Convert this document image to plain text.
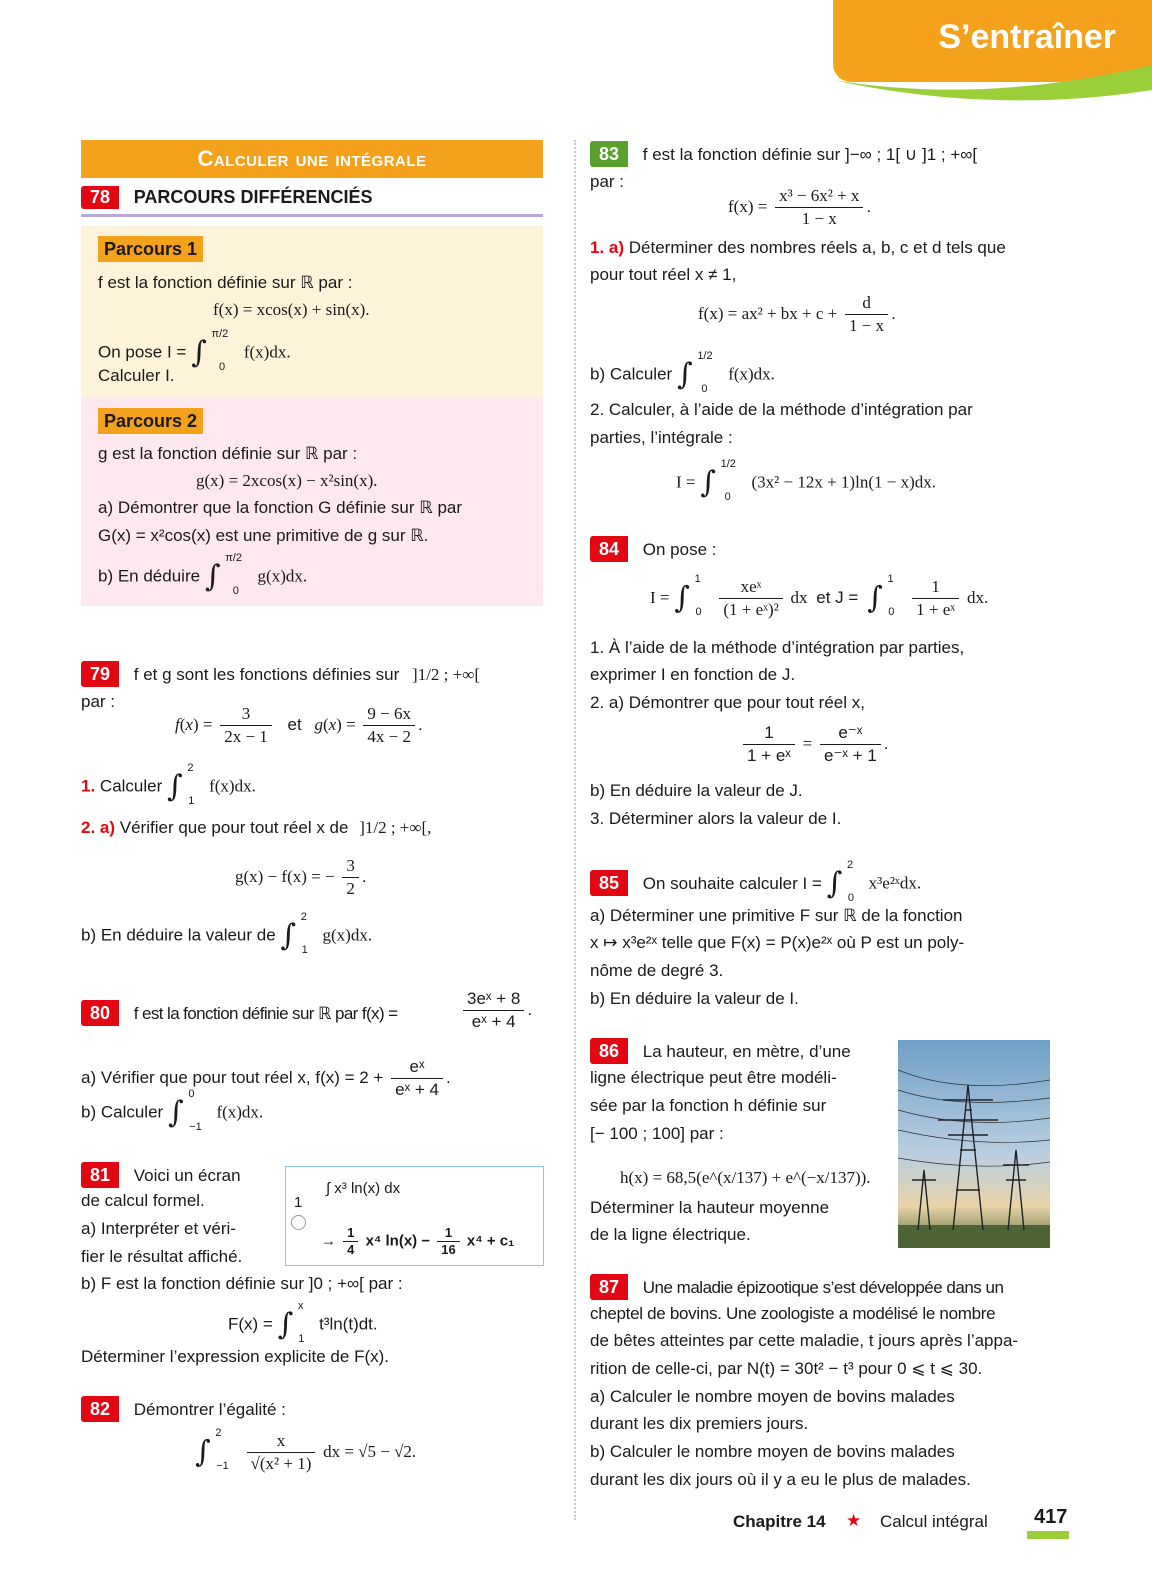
S’entraîner
Calculer une intégrale
78 PARCOURS DIFFÉRENCIÉS
Parcours 1
f est la fonction définie sur ℝ par :
f(x) = xcos(x) + sin(x).
On pose I = ∫ $^{\pi/2}$ $_0$ f(x)dx.
Calculer I.
Parcours 2
g est la fonction définie sur ℝ par :
g(x) = 2xcos(x) − x²sin(x).
a) Démontrer que la fonction G définie sur ℝ par
G(x) = x²cos(x) est une primitive de g sur ℝ.
b) En déduire ∫ $^{\pi/2}$ $_0$ g(x)dx.
79 f et g sont les fonctions définies sur ]1/2 ; +∞[
par :
$f(x) = \frac{3}{2x - 1}$ et $g(x) = \frac{9 - 6x}{4x - 2}$ .
1. Calculer ∫ $^2$ $_1$ f(x)dx.
2. a) Vérifier que pour tout réel x de ]1/2 ; +∞[,
g(x) − f(x) = − $\frac{3}{2}$ .
b) En déduire la valeur de ∫ $^2$ $_1$ g(x)dx.
80 f est la fonction définie sur ℝ par f(x) =	$\frac{\text{3eˣ + 8}}{\text{eˣ + 4}}$ .
a) Vérifier que pour tout réel x, $f(x) = 2 + \frac{\text{eˣ}}{\text{eˣ + 4}}$ .
b) Calculer ∫ $^0$ $_{-1}$ f(x)dx.
81 Voici un écran
de calcul formel.
a) Interpréter et véri-
fier le résultat affiché.
1
∫ x³ ln(x) dx
→ $\frac{1}{4} x^4$ $\ln(x) - \frac{1}{16} x^4 + c_1$
b) F est la fonction définie sur ]0 ; +∞[ par :
F(x) = ∫ $^x$ $_1$ t³ln(t)dt.
Déterminer l’expression explicite de F(x).
82 Démontrer l’égalité :
∫ $^2$ $_{-1} \frac{x}{\text{√(x² + 1)}}$ dx = √5 − √2.
83 f est la fonction définie sur ]−∞ ; 1[ ∪ ]1 ; +∞[
par :
$f(x) = \frac{\text{x³ − 6x² + x}}{1 - x}$ .
1. a) Déterminer des nombres réels a, b, c et d tels que
pour tout réel x ≠ 1,
f(x) = ax² + bx + $c + \frac{d}{1 - x}$ .
b) Calculer ∫ $^{1/2}$ $_0$ f(x)dx.
2. Calculer, à l’aide de la méthode d’intégration par
parties, l’intégrale :
I = ∫ $^{1/2}$ $_0$ (3x² − 12x + 1)ln(1 − x)dx.
84 On pose :
I = ∫ $^1$ $_0 \frac{\text{xeˣ}}{\text{(1 + eˣ)²}}$ dx et J = ∫ $^1$ $_0 \frac{1}{\text{1 + eˣ}}$ dx.
1. À l’aide de la méthode d’intégration par parties,
exprimer I en fonction de J.
2. a) Démontrer que pour tout réel x,
$\frac{1}{\text{1 + eˣ}} = \frac{\text{e⁻ˣ}}{\text{e⁻ˣ + 1}}$ .
b) En déduire la valeur de J.
3. Déterminer alors la valeur de I.
85 On souhaite calculer I = ∫ $^2$ $_0$ x³e²ˣdx.
a) Déterminer une primitive F sur ℝ de la fonction
x ↦ x³e²ˣ telle que F(x) = P(x)e²ˣ où P est un poly-
nôme de degré 3.
b) En déduire la valeur de I.
86 La hauteur, en mètre, d’une
ligne électrique peut être modéli-
sée par la fonction h définie sur
[− 100 ; 100] par :
h(x) = 68,5(e^(x/137) + e^(−x/137)).
Déterminer la hauteur moyenne
de la ligne électrique.
87 Une maladie épizootique s’est développée dans un
cheptel de bovins. Une zoologiste a modélisé le nombre
de bêtes atteintes par cette maladie, t jours après l’appa-
rition de celle-ci, par N(t) = 30t² − t³ pour 0 ⩽ t ⩽ 30.
a) Calculer le nombre moyen de bovins malades
durant les dix premiers jours.
b) Calculer le nombre moyen de bovins malades
durant les dix jours où il y a eu le plus de malades.
Chapitre 14 ★ Calcul intégral 417
